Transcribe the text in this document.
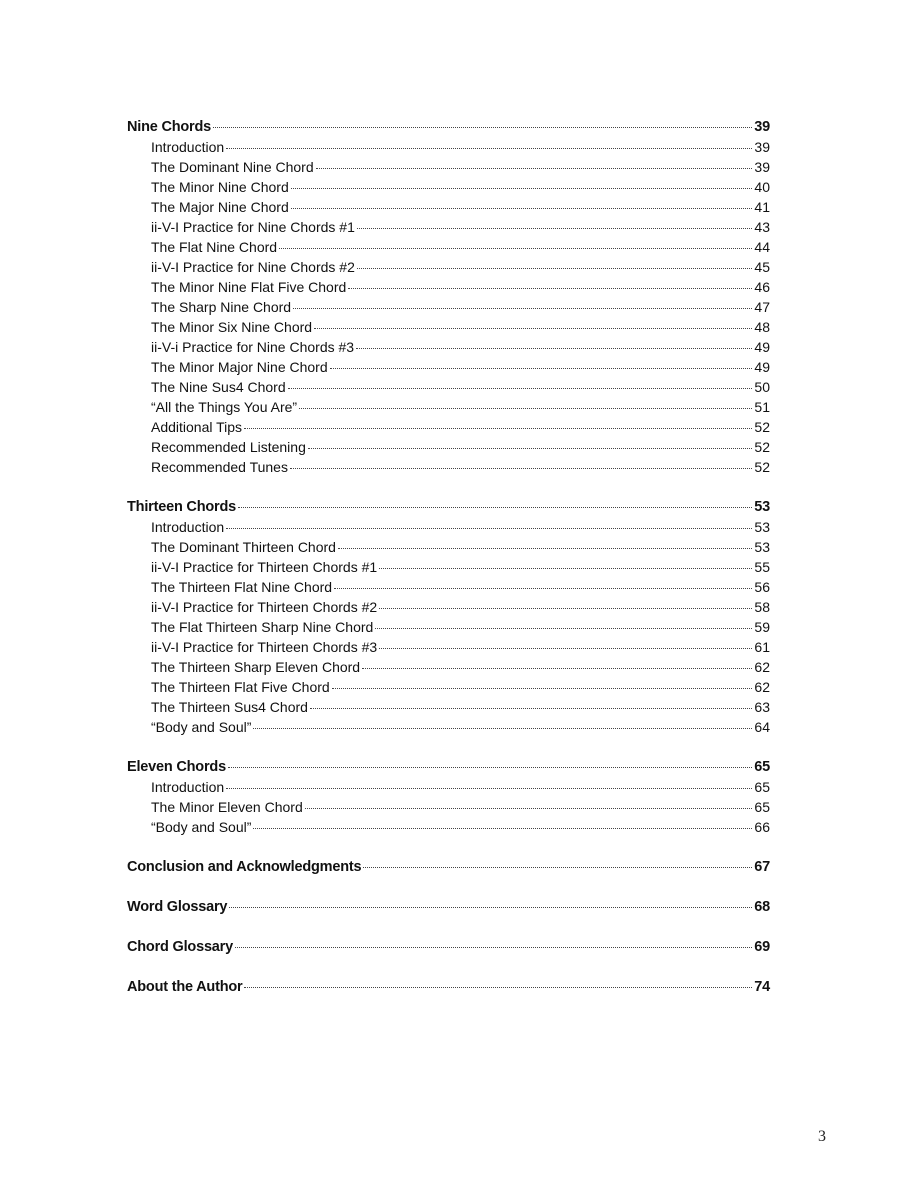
Nine Chords	39
Introduction	39
The Dominant Nine Chord	39
The Minor Nine Chord	40
The Major Nine Chord	41
ii-V-I Practice for Nine Chords #1	43
The Flat Nine Chord	44
ii-V-I Practice for Nine Chords #2	45
The Minor Nine Flat Five Chord	46
The Sharp Nine Chord	47
The Minor Six Nine Chord	48
ii-V-i Practice for Nine Chords #3	49
The Minor Major Nine Chord	49
The Nine Sus4 Chord	50
“All the Things You Are”	51
Additional Tips	52
Recommended Listening	52
Recommended Tunes	52
Thirteen Chords	53
Introduction	53
The Dominant Thirteen Chord	53
ii-V-I Practice for Thirteen Chords #1	55
The Thirteen Flat Nine Chord	56
ii-V-I Practice for Thirteen Chords #2	58
The Flat Thirteen Sharp Nine Chord	59
ii-V-I Practice for Thirteen Chords #3	61
The Thirteen Sharp Eleven Chord	62
The Thirteen Flat Five Chord	62
The Thirteen Sus4 Chord	63
“Body and Soul”	64
Eleven Chords	65
Introduction	65
The Minor Eleven Chord	65
“Body and Soul”	66
Conclusion and Acknowledgments	67
Word Glossary	68
Chord Glossary	69
About the Author	74
3
